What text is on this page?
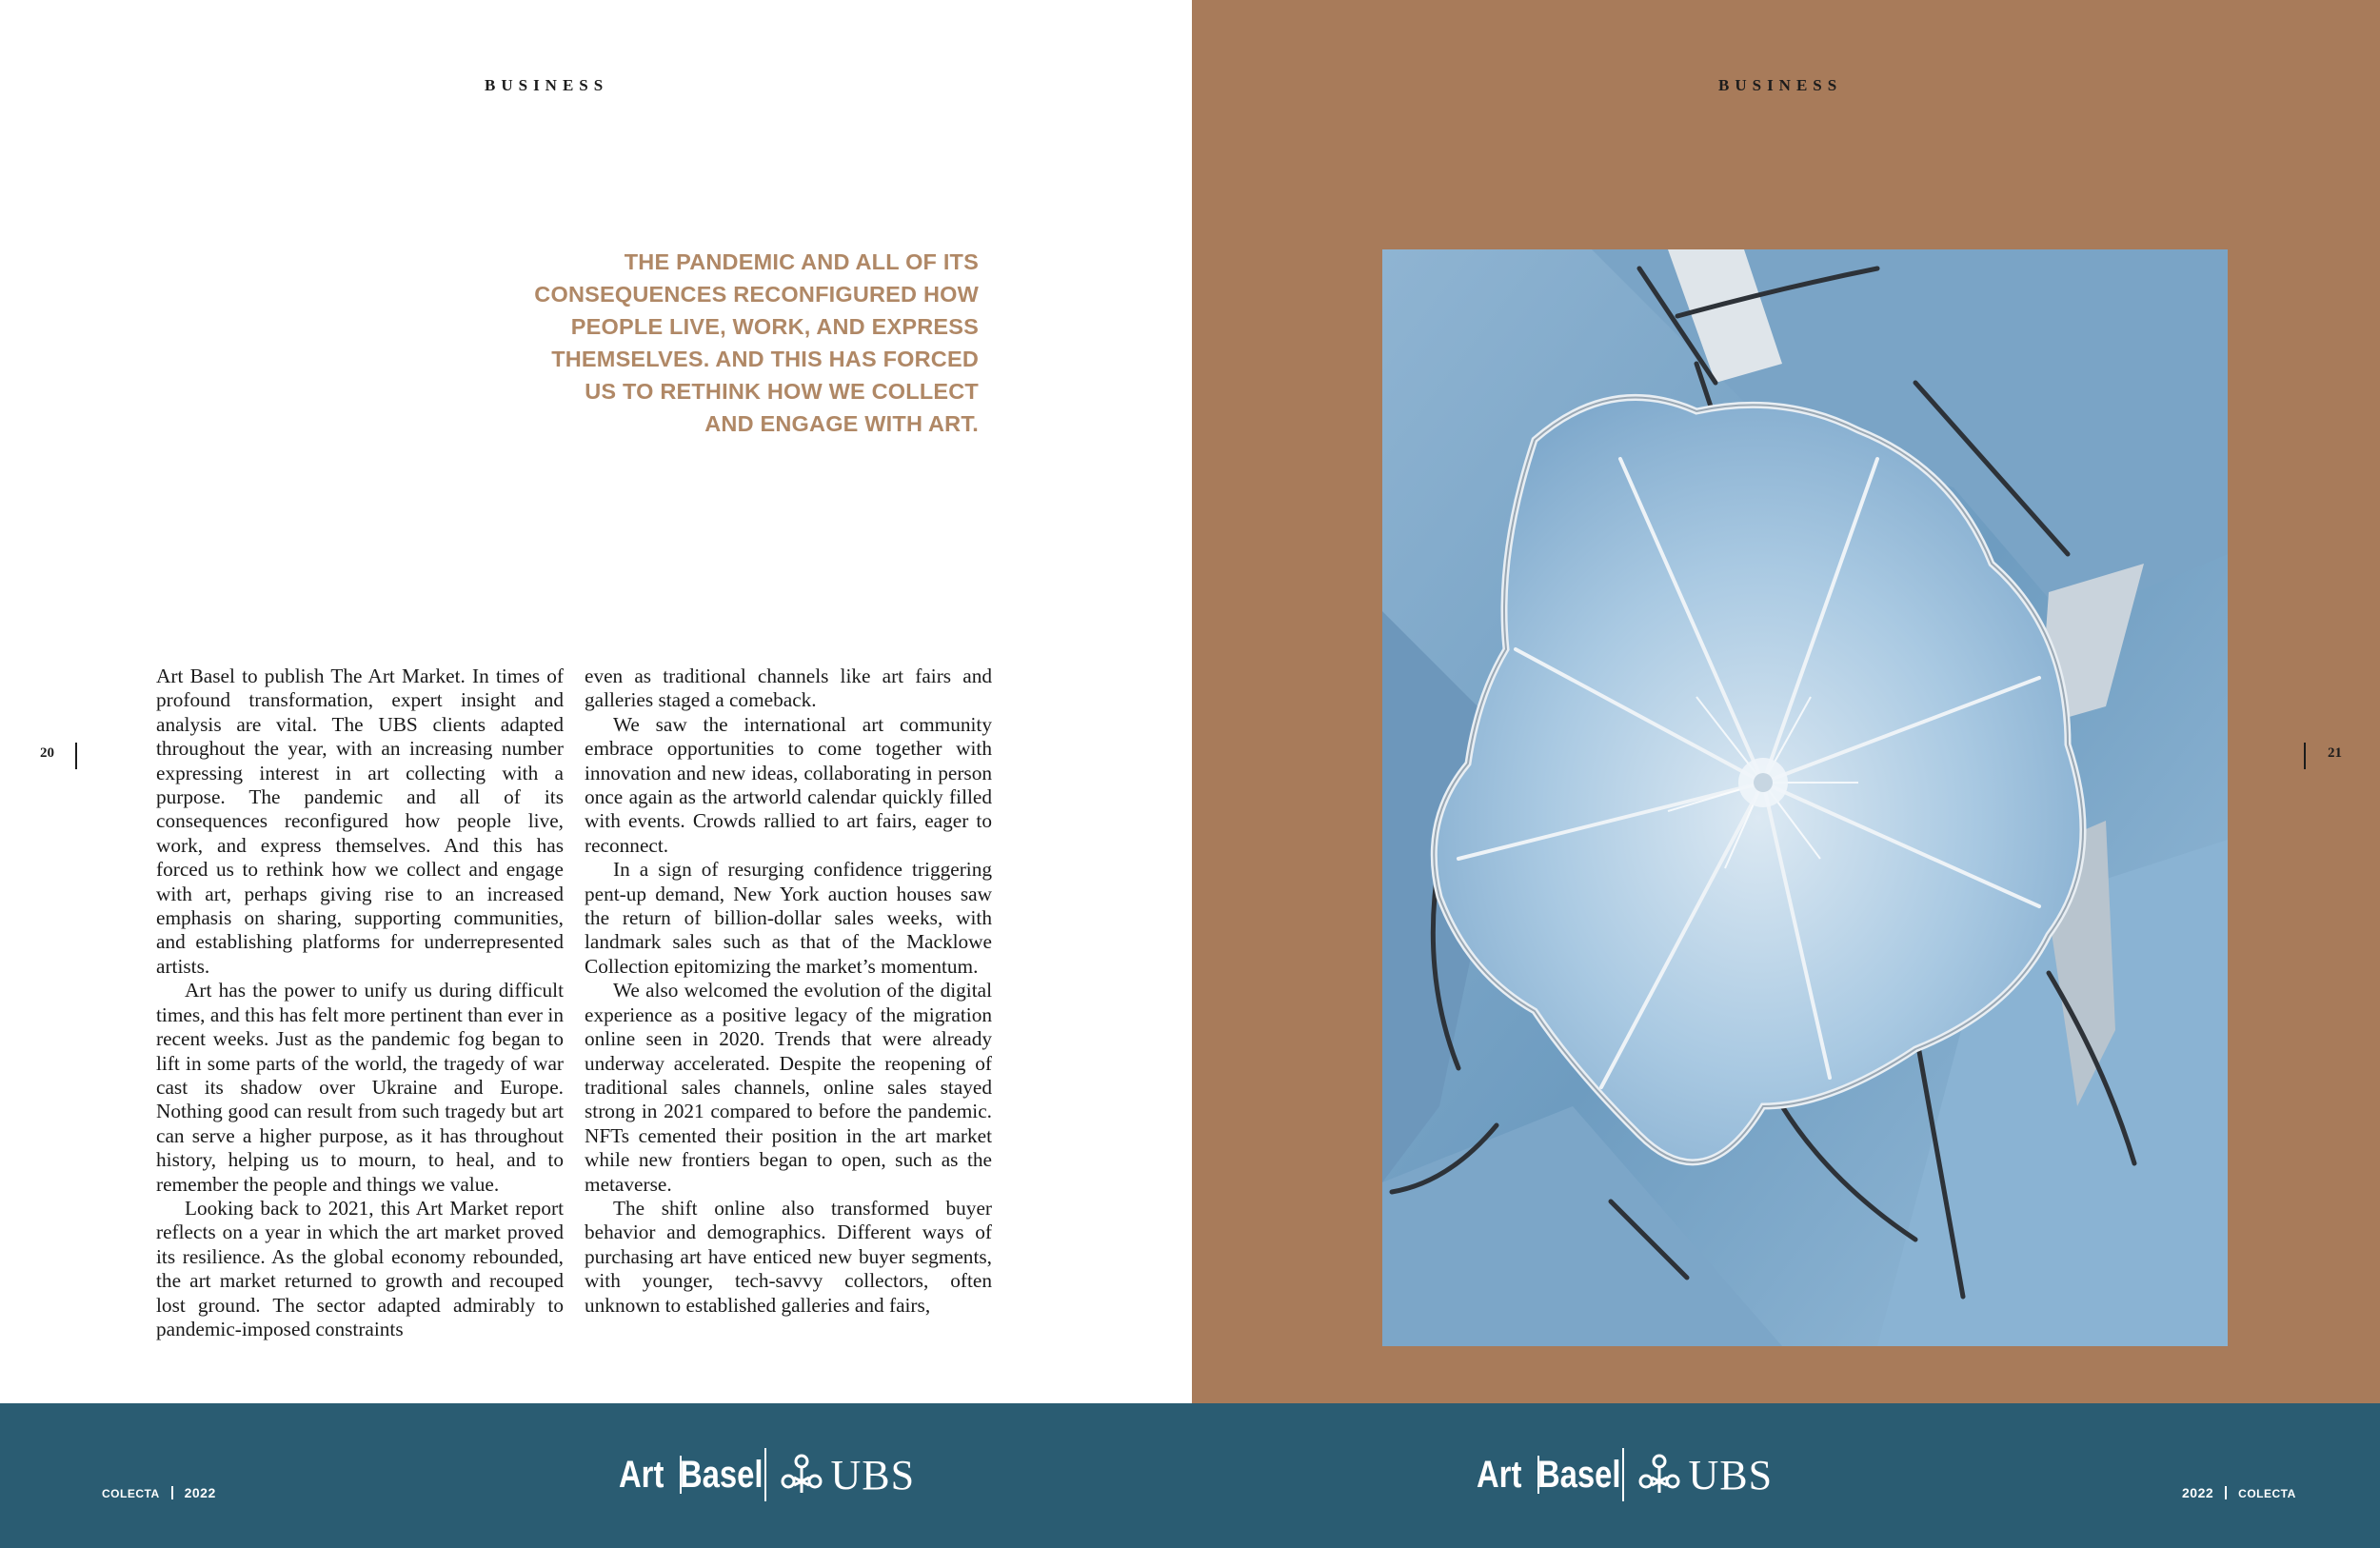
BUSINESS
THE PANDEMIC AND ALL OF ITS CONSEQUENCES RECONFIGURED HOW PEOPLE LIVE, WORK, AND EXPRESS THEMSELVES. AND THIS HAS FORCED US TO RETHINK HOW WE COLLECT AND ENGAGE WITH ART.
20

Art Basel to publish The Art Market. In times of profound transformation, expert insight and analysis are vital. The UBS clients adapted throughout the year, with an increasing number expressing interest in art collecting with a purpose. The pandemic and all of its consequences reconfigured how people live, work, and express themselves. And this has forced us to rethink how we collect and engage with art, perhaps giving rise to an increased emphasis on sharing, supporting communities, and establishing platforms for underrepresented artists.

Art has the power to unify us during difficult times, and this has felt more pertinent than ever in recent weeks. Just as the pandemic fog began to lift in some parts of the world, the tragedy of war cast its shadow over Ukraine and Europe. Nothing good can result from such tragedy but art can serve a higher purpose, as it has throughout history, helping us to mourn, to heal, and to remember the people and things we value.

Looking back to 2021, this Art Market report reflects on a year in which the art market proved its resilience. As the global economy rebounded, the art market returned to growth and recouped lost ground. The sector adapted admirably to pandemic-imposed constraints

even as traditional channels like art fairs and galleries staged a comeback.

We saw the international art community embrace opportunities to come together with innovation and new ideas, collaborating in person once again as the artworld calendar quickly filled with events. Crowds rallied to art fairs, eager to reconnect.

In a sign of resurging confidence triggering pent-up demand, New York auction houses saw the return of billion-dollar sales weeks, with landmark sales such as that of the Macklowe Collection epitomizing the market’s momentum.

We also welcomed the evolution of the digital experience as a positive legacy of the migration online seen in 2020. Trends that were already underway accelerated. Despite the reopening of traditional sales channels, online sales stayed strong in 2021 compared to before the pandemic. NFTs cemented their position in the art market while new frontiers began to open, such as the metaverse.

The shift online also transformed buyer behavior and demographics. Different ways of purchasing art have enticed new buyer segments, with younger, tech-savvy collectors, often unknown to established galleries and fairs,

BUSINESS
21
COLECTA 2022	2022 COLECTA
Art Basel UBS	Art Basel UBS
